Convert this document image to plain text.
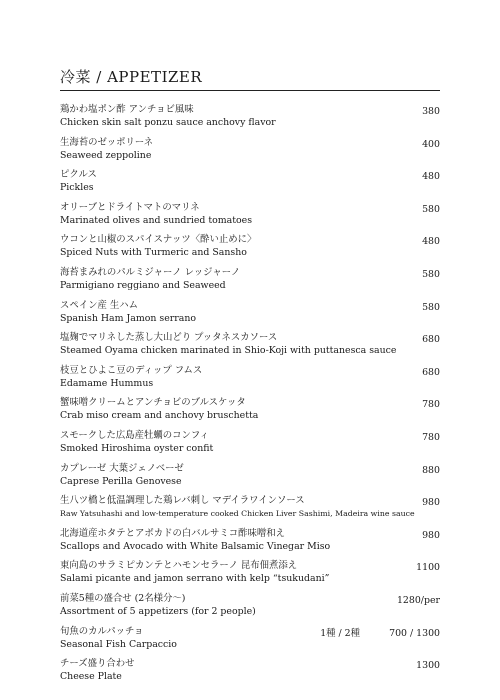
冷菜 / APPETIZER
鶏かわ塩ポン酢 アンチョビ風味
Chicken skin salt ponzu sauce anchovy flavor
380
生海苔のゼッポリーネ
Seaweed zeppoline
400
ピクルス
Pickles
480
オリーブとドライトマトのマリネ
Marinated olives and sundried tomatoes
580
ウコンと山椒のスパイスナッツ〈酔い止めに〉
Spiced Nuts with Turmeric and Sansho
480
海苔まみれのパルミジャーノ レッジャーノ
Parmigiano reggiano and Seaweed
580
スペイン産 生ハム
Spanish Ham Jamon serrano
580
塩麹でマリネした蒸し大山どり プッタネスカソース
Steamed Oyama chicken marinated in Shio-Koji with puttanesca sauce
680
枝豆とひよこ豆のディップ フムス
Edamame Hummus
680
蟹味噌クリームとアンチョビのブルスケッタ
Crab miso cream and anchovy bruschetta
780
スモークした広島産牡蠣のコンフィ
Smoked Hiroshima oyster confit
780
カプレーゼ 大葉ジェノベーゼ
Caprese Perilla Genovese
880
生八ツ橋と低温調理した鶏レバ刺し マデイラワインソース
Raw Yatsuhashi and low-temperature cooked Chicken Liver Sashimi, Madeira wine sauce
980
北海道産ホタテとアボカドの白バルサミコ酢味噌和え
Scallops and Avocado with White Balsamic Vinegar Miso
980
東向島のサラミピカンテとハモンセラーノ 昆布佃煮添え
Salami picante and jamon serrano with kelp “tsukudani”
1100
前菜5種の盛合せ (2名様分～)
Assortment of 5 appetizers (for 2 people)
1280/per
旬魚のカルパッチョ
Seasonal Fish Carpaccio
700 / 1300
1種 / 2種
チーズ盛り合わせ
Cheese Plate
1300
